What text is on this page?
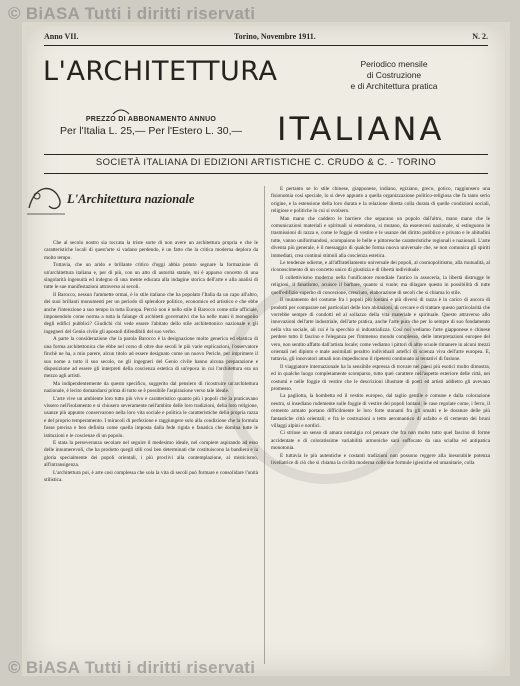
© BiASA Tutti i diritti riservati
Anno VII.	Torino, Novembre 1911.	N. 2.
L'ARCHITETTURA	Periodico mensile
di Costruzione
e di Architettura pratica
PREZZO DI ABBONAMENTO ANNUO
Per l'Italia L. 25,— Per l'Estero L. 30,—	ITALIANA
SOCIETÀ ITALIANA DI EDIZIONI ARTISTICHE C. CRUDO & C. - TORINO
L'Architettura nazionale

Che al secolo nostro sia toccata la triste sorte di non avere un architettura propria e che le caratteristiche locali di quest'arte si vadano perdendo, è un fatto che la critica moderna deplora da molto tempo.

Tuttavia, che un arido e brillante critico d'oggi abbia potuto segnare la formazione di un'architettura italiana e, per di più, con un atto di autorità statale, mi è apparso concetto di una singolarità ingenuità ed indegno di una mente educata alla indagine storica dell'arte e alla analisi di tutte le sue manifestazioni attraverso ai secoli.

Il Barocco, nessun l'ammette ormai, è lo stile italiano che ha popolato l'Italia da un capo all'altro, dei suoi brillanti monumenti per un periodo di splendore politico, economico ed artistico e che ebbe anche l'intenzione a suo tempo in tutta Europa. Perciò non è nello stile il Barocco come stile ufficiale, imponendolo come norma a tutta la falange di architetti governativi che ha nelle mani il monopolio degli edifici pubblici? Giudichi chi vede essere l'abitato dello stile architettonico nazionale e gli ingegneri del Genio civile gli apostoli difendibili del suo verbo.

A parte la considerazione che la parola Barocco è la designazione molto generica ed elastica di una forma architettonica che ebbe nel corso di oltre due secoli le più varie esplicazioni, l'osservatore finchè ne ha, a mio parere, alcun titolo ad essere designato come un nuovo Pericle, per imprimere il suo nome a tutto il suo secolo, ne gli ingegneri del Genio civile hanno alcuna preparazione e disposizione ad essere gli interpreti della coscienza estetica di un'epoca in cui l'architettura era un mezzo agli artisti.

Ma indipendentemente da questo specifico, suggerito dal pensiero di ricostruire un'architettura nazionale, è lecito domandarsi prima di tutto se è possibile l'aspirazione verso tale ideale.

L'arte vive un ambiente loro tutto più vivo e caratteristico quanto più i popoli che la praticavano vissero nell'isolamento e si chiusero severamente nell'ambito delle loro tradizioni, della loro religione, usanze più appunto conservarono nella loro vita sociale e politica le caratteristiche della propria razza e del proprio temperamento. I miracoli di perfezione e raggiungere solo alla condizione che la formula fosse precisa e ben definita come quella imposta dalla fede rigida e fanatica che domina tutte le istituzioni e le coscienze di un popolo.

E stata la perseveranza secolare nel seguire il medesimo ideale, nel compiere aspirando ad esso delle innumerevoli, che ha prodotto quegli stili così ben determinati che costituiscono la bandiera e la gloria specialmente dei popoli orientali, i più proclivi alla contemplazione, al misticismo, all'intransigenza.

L'architettura poi, è arte così complessa che sola la vita di secoli può formare e consolidare l'unità stilistica.

E pertanto se lo stile chinese, giapponese, indiano, egiziano, greco, gotico, raggiunsero una fisionomia così speciale, lo si deve appunto a quella organizzazione politico-religiosa che fu tanto serio origine, e la estensione della loro durata e la relazione diretta colla durata di quelle condizioni sociali, religiose e politiche in cui si svolsero.

Man mano che caddero le barriere che separano un popolo dall'altro, mano mano che le comunicazioni materiali e spirituali si estendono, si mutano, da esserecosì nazionale, si estinguono le trasmissioni di razza e, come le foggie di vestire e le usanze del diritto pubblico e privato e le abitudini tutte, vanno uniformandosi, scompaiono le belle e pittoresche caratteristiche regionali e nazionali. L'arte diventa più generale, è il messaggio di qualche forma nuova universale che, se non comunica gli spiriti immediati, crea continui stimoli alla coscienza estetica.

Le tendenze odierne, e all'affratellamento universale dei popoli, al cosmopolitismo, alla mutualità, al riconoscimento di un concetto unico di giustizia e di libertà individuale.

Il collettivismo moderno nella l'unificatore mondiale l'antico in assoceria, la libertà distrugge le religioni, il fanatismo, acuisce il barbare, quanto si vuole; ma dilagare questo in possibilità di tutte quell'edifizio superbo di concezione, cresciuto, elaborazione di secoli che si chiama lo stile.

Il mutamento del costume fra i popoli più lontani e più diversi di razza è in carico di ancora di prodotti per comparare nei particolari delle loro abitazioni, di cercare e di trattare questo particolarità che vorrebbe sempre di condotti ed al sollazzo della vita materiale e spirituale. Questo attraverso allo innovazioni dell'arte industriale, dell'arte pratica, anche l'arte pura che per lo sempre di suo fondamento nella vita sociale, ali cui è la specchio si industrializza. Così noi vediamo l'arte giapponese e chinese perdere tutto il fascino e l'eleganza per l'immenso mondo complesso, delle interpretazioni europee del vero, non sentito affatto dall'artista locale; come vediamo i pittori di altre scuole rimanere in alcuni mezzi orientali nel dipinto e male assimilati peraltro individuali artefici di scienza viva dell'arte europea. E, tuttavia, gli innovatori attuali non impediscono il ripetersi continuato ai tentativi di fusione.

Il viaggiatore internazionale ha la sensibile espressa di trovare nei paesi più esotici molto dimostra, ed in qualche luogo completamente scomparso, tutto quel carattere nell'aspetto esteriore delle città, nei costumi e nelle foggie di vestire che le descrizioni illustrate di poeti ed artisti addietro gli avevano promesso.

La pagliotta, la bombetta ed il vestito europeo, dal taglio gentile e comune e dalla colorazione neutra, si insediano rudemente sulle foggie di vestire dei popoli lontani; le case regolate come, i ferro, il cemento armato portano difficilmente le loro forte stonanti fra gli smalti e le dorature delle più fantastiche città orientali; e fra le costruzioni a tetto aeromantico di asfalto e di cemento dei bruni villaggi alpini e nordici.

Ci strinse un senso di amara nostalgia col pensare che fra non molto tutto quel fascino di forme accidentate e di coloratissime variabilità armoniche sarà soffocato da una scialba ed antipatica monotonia.

E tuttavia le più autentiche e costanti tradizioni non possono reggere alla inesorabile potenza livellatrice di ciò che si chiama la civiltà moderna colle sue formule igieniche ed umanitarie, colla

© BiASA Tutti i diritti riservati
